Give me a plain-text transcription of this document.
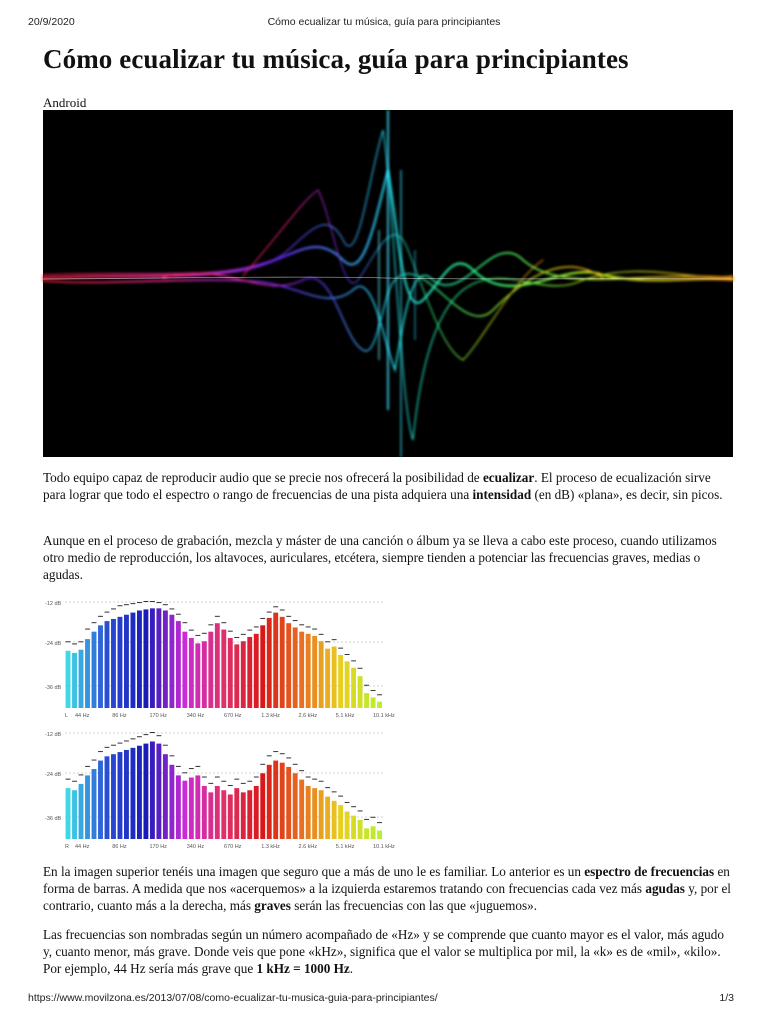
20/9/2020	Cómo ecualizar tu música, guía para principiantes
Cómo ecualizar tu música, guía para principiantes
Android

Todo equipo capaz de reproducir audio que se precie nos ofrecerá la posibilidad de ecualizar. El proceso de ecualización sirve para lograr que todo el espectro o rango de frecuencias de una pista adquiera una intensidad (en dB) «plana», es decir, sin picos.

Aunque en el proceso de grabación, mezcla y máster de una canción o álbum ya se lleva a cabo este proceso, cuando utilizamos otro medio de reproducción, los altavoces, auriculares, etcétera, siempre tienden a potenciar las frecuencias graves, medias o agudas.

-12 dB
-24 dB
-36 dB
L 44 Hz	86 Hz	170 Hz	340 Hz	670 Hz	1.3 kHz	2.6 kHz	5.1 kHz	10.1 kHz
-12 dB
-24 dB
-36 dB
R 44 Hz	86 Hz	170 Hz	340 Hz	670 Hz	1.3 kHz	2.6 kHz	5.1 kHz	10.1 kHz

En la imagen superior tenéis una imagen que seguro que a más de uno le es familiar. Lo anterior es un espectro de frecuencias en forma de barras. A medida que nos «acerquemos» a la izquierda estaremos tratando con frecuencias cada vez más agudas y, por el contrario, cuanto más a la derecha, más graves serán las frecuencias con las que «juguemos».

Las frecuencias son nombradas según un número acompañado de «Hz» y se comprende que cuanto mayor es el valor, más agudo y, cuanto menor, más grave. Donde veis que pone «kHz», significa que el valor se multiplica por mil, la «k» es de «mil», «kilo». Por ejemplo, 44 Hz sería más grave que 1 kHz = 1000 Hz.

https://www.movilzona.es/2013/07/08/como-ecualizar-tu-musica-guia-para-principiantes/	1/3
